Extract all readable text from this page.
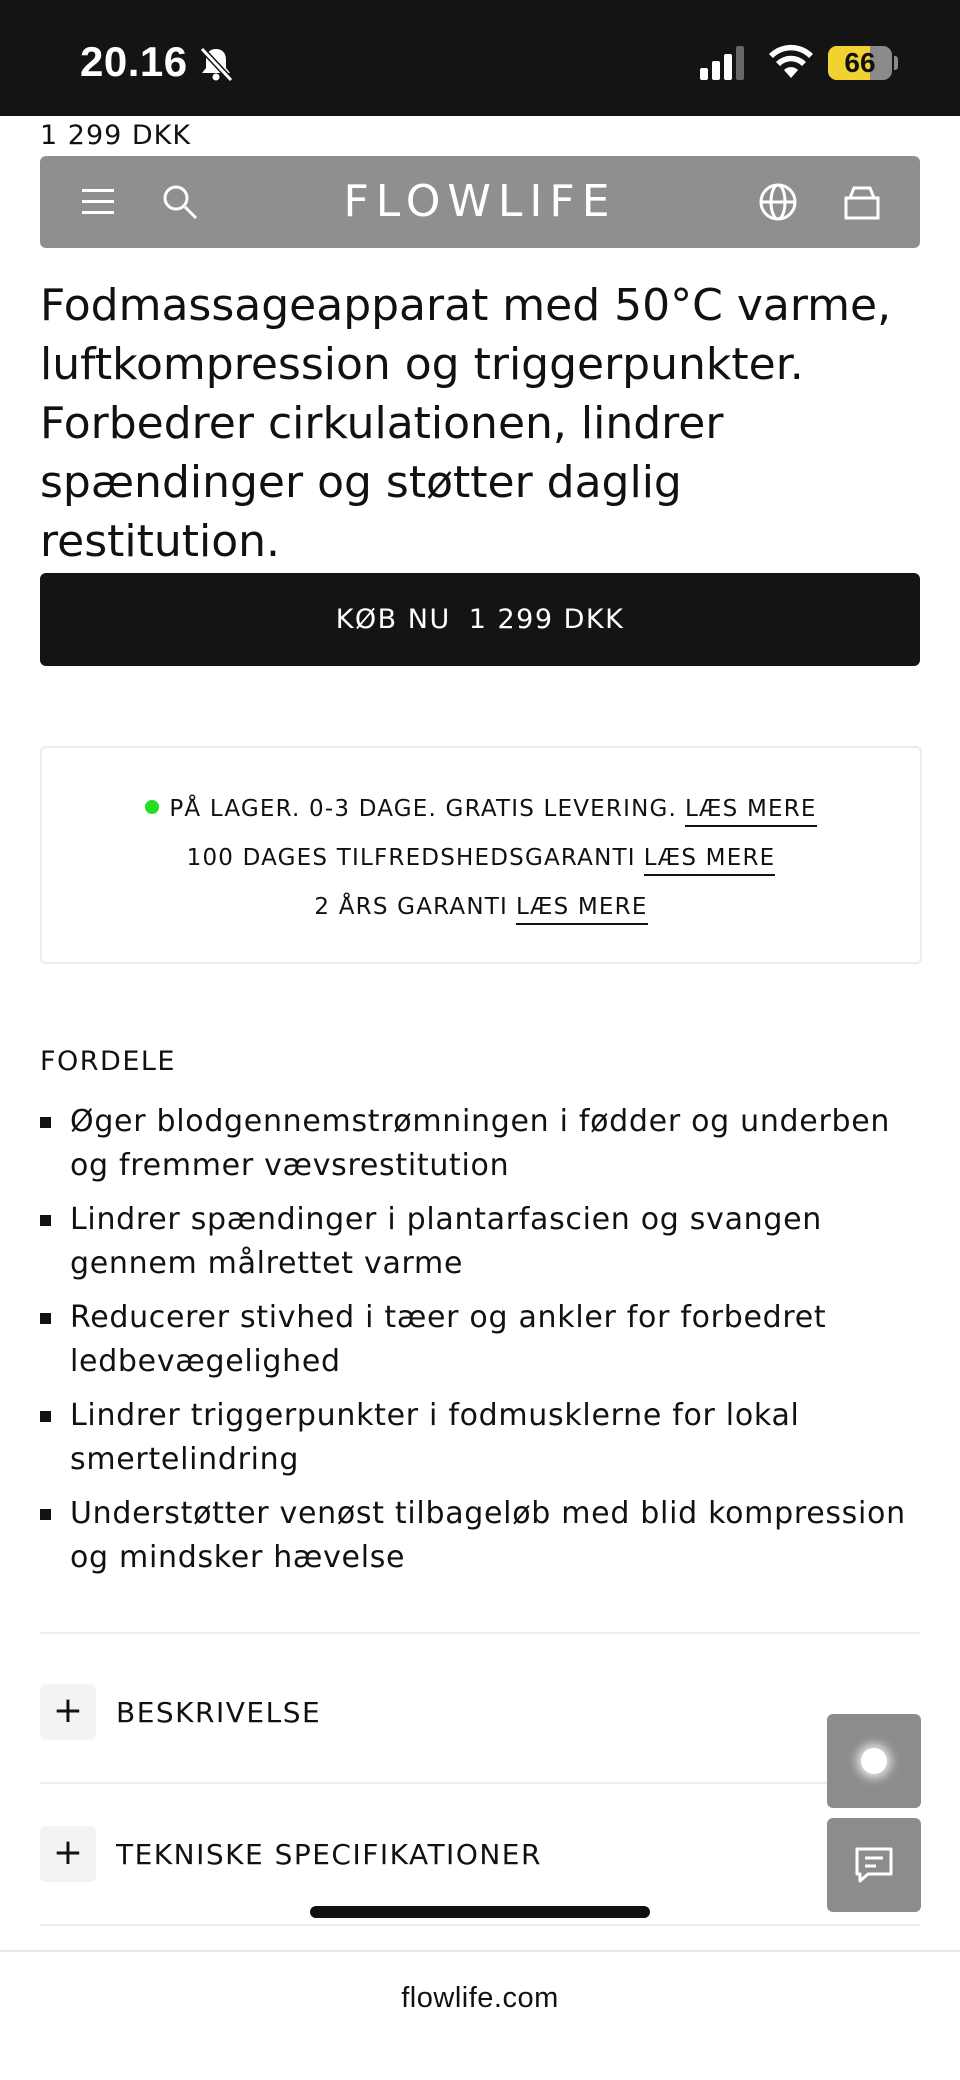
20.16	66
1 299 DKK
FLOWLIFE
Fodmassageapparat med 50°C varme, luftkompression og triggerpunkter. Forbedrer cirkulationen, lindrer spændinger og støtter daglig restitution.
KØB NU 1 299 DKK
PÅ LAGER. 0-3 DAGE. GRATIS LEVERING. LÆS MERE
100 DAGES TILFREDSHEDSGARANTI LÆS MERE
2 ÅRS GARANTI LÆS MERE
FORDELE
Øger blodgennemstrømningen i fødder og underben og fremmer vævsrestitution
Lindrer spændinger i plantarfascien og svangen gennem målrettet varme
Reducerer stivhed i tæer og ankler for forbedret ledbevægelighed
Lindrer triggerpunkter i fodmusklerne for lokal smertelindring
Understøtter venøst tilbageløb med blid kompression og mindsker hævelse
+	BESKRIVELSE
+	TEKNISKE SPECIFIKATIONER
flowlife.com
